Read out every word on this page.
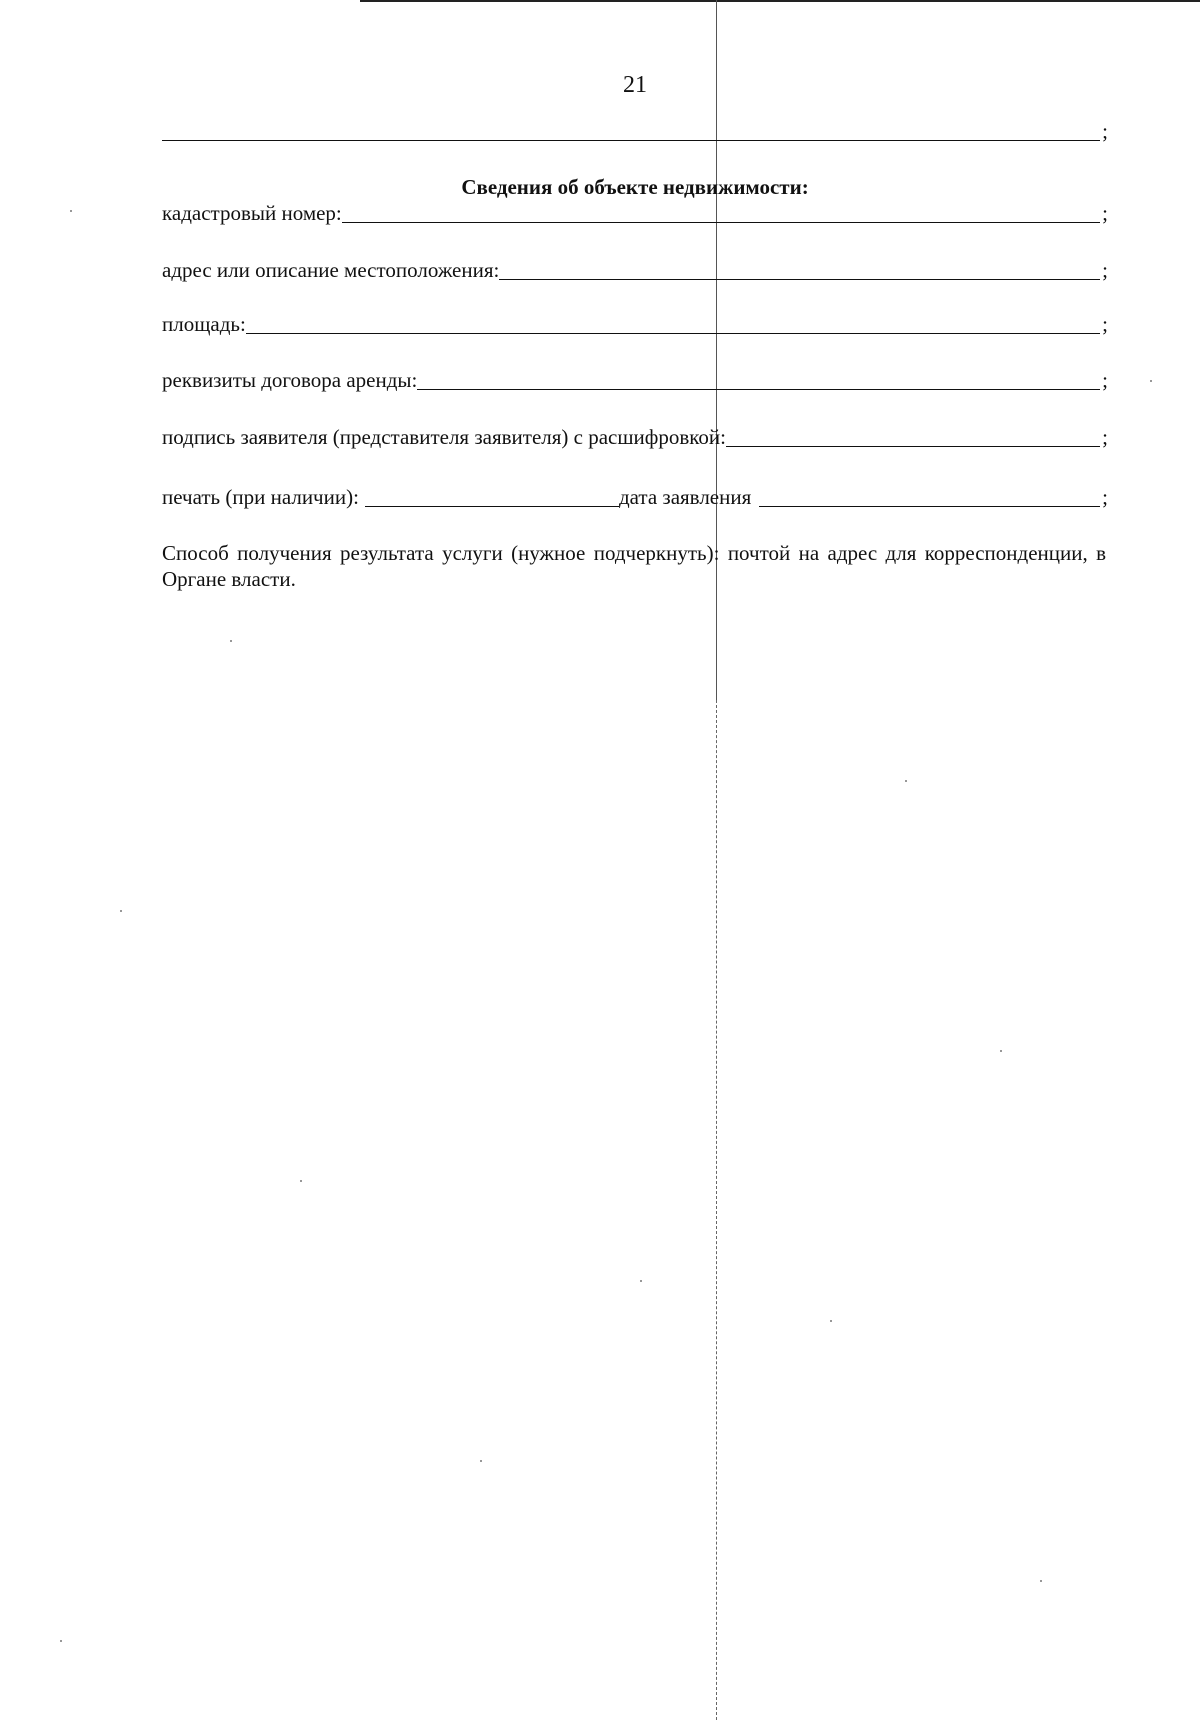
21
;
Сведения об объекте недвижимости:
кадастровый номер:	;
адрес или описание местоположения:	;
площадь:	;
реквизиты договора аренды:	;
подпись заявителя (представителя заявителя) с расшифровкой:	;
печать (при наличии):	дата заявления	;
Способ получения результата услуги (нужное подчеркнуть): почтой на адрес для корреспонденции, в Органе власти.
